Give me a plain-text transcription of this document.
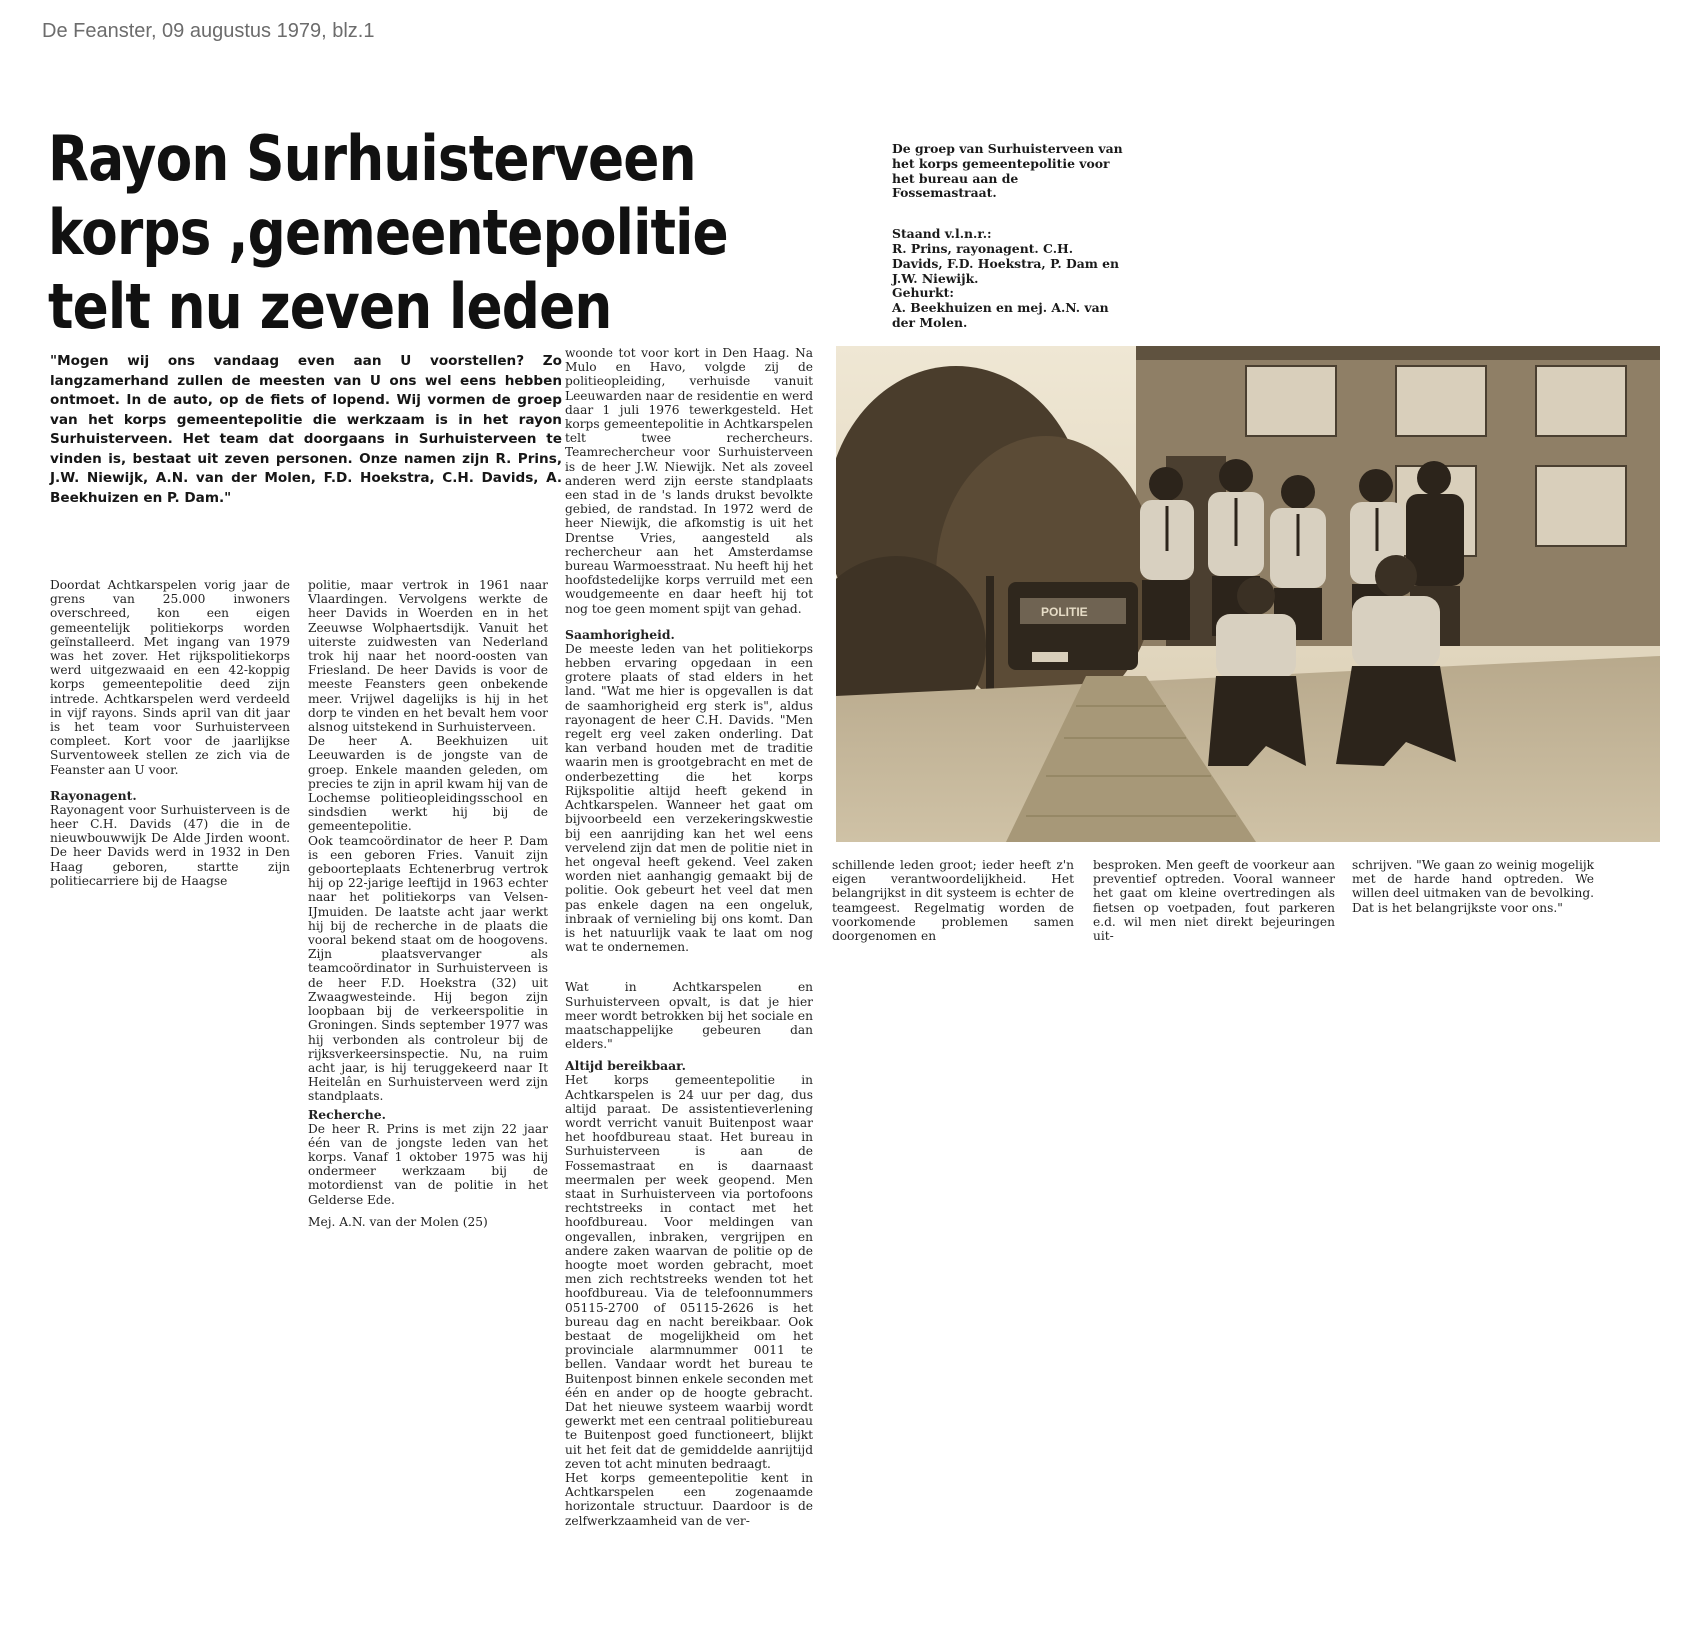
De Feanster, 09 augustus 1979, blz.1
Rayon Surhuisterveen
korps ,gemeentepolitie
telt nu zeven leden
"Mogen wij ons vandaag even aan U voorstellen? Zo langzamerhand zullen de meesten van U ons wel eens hebben ontmoet. In de auto, op de fiets of lopend. Wij vormen de groep van het korps gemeentepolitie die werkzaam is in het rayon Surhuisterveen. Het team dat doorgaans in Surhuisterveen te vinden is, bestaat uit zeven personen. Onze namen zijn R. Prins, J.W. Niewijk, A.N. van der Molen, F.D. Hoekstra, C.H. Davids, A. Beekhuizen en P. Dam."

Doordat Achtkarspelen vorig jaar de grens van 25.000 inwoners overschreed, kon een eigen gemeentelijk politiekorps worden geïnstalleerd. Met ingang van 1979 was het zover. Het rijkspolitiekorps werd uitgezwaaid en een 42-koppig korps gemeentepolitie deed zijn intrede. Achtkarspelen werd verdeeld in vijf rayons. Sinds april van dit jaar is het team voor Surhuisterveen compleet. Kort voor de jaarlijkse Surventoweek stellen ze zich via de Feanster aan U voor.

Rayonagent.

Rayonagent voor Surhuisterveen is de heer C.H. Davids (47) die in de nieuwbouwwijk De Alde Jirden woont. De heer Davids werd in 1932 in Den Haag geboren, startte zijn politiecarriere bij de Haagse

politie, maar vertrok in 1961 naar Vlaardingen. Vervolgens werkte de heer Davids in Woerden en in het Zeeuwse Wolphaertsdijk. Vanuit het uiterste zuidwesten van Nederland trok hij naar het noord-oosten van Friesland. De heer Davids is voor de meeste Feansters geen onbekende meer. Vrijwel dagelijks is hij in het dorp te vinden en het bevalt hem voor alsnog uitstekend in Surhuisterveen.

De heer A. Beekhuizen uit Leeuwarden is de jongste van de groep. Enkele maanden geleden, om precies te zijn in april kwam hij van de Lochemse politieopleidingsschool en sindsdien werkt hij bij de gemeentepolitie.

Ook teamcoördinator de heer P. Dam is een geboren Fries. Vanuit zijn geboorteplaats Echtenerbrug vertrok hij op 22-jarige leeftijd in 1963 echter naar het politiekorps van Velsen-IJmuiden. De laatste acht jaar werkt hij bij de recherche in de plaats die vooral bekend staat om de hoogovens. Zijn plaatsvervanger als teamcoördinator in Surhuisterveen is de heer F.D. Hoekstra (32) uit Zwaagwesteinde. Hij begon zijn loopbaan bij de verkeerspolitie in Groningen. Sinds september 1977 was hij verbonden als controleur bij de rijksverkeersinspectie. Nu, na ruim acht jaar, is hij teruggekeerd naar It Heitelân en Surhuisterveen werd zijn standplaats.

Recherche.

De heer R. Prins is met zijn 22 jaar één van de jongste leden van het korps. Vanaf 1 oktober 1975 was hij ondermeer werkzaam bij de motordienst van de politie in het Gelderse Ede.

Mej. A.N. van der Molen (25)

woonde tot voor kort in Den Haag. Na Mulo en Havo, volgde zij de politieopleiding, verhuisde vanuit Leeuwarden naar de residentie en werd daar 1 juli 1976 tewerkgesteld. Het korps gemeentepolitie in Achtkarspelen telt twee rechercheurs. Teamrechercheur voor Surhuisterveen is de heer J.W. Niewijk. Net als zoveel anderen werd zijn eerste standplaats een stad in de 's lands drukst bevolkte gebied, de randstad. In 1972 werd de heer Niewijk, die afkomstig is uit het Drentse Vries, aangesteld als rechercheur aan het Amsterdamse bureau Warmoesstraat. Nu heeft hij het hoofdstedelijke korps verruild met een woudgemeente en daar heeft hij tot nog toe geen moment spijt van gehad.

Saamhorigheid.

De meeste leden van het politiekorps hebben ervaring opgedaan in een grotere plaats of stad elders in het land. "Wat me hier is opgevallen is dat de saamhorigheid erg sterk is", aldus rayonagent de heer C.H. Davids. "Men regelt erg veel zaken onderling. Dat kan verband houden met de traditie waarin men is grootgebracht en met de onderbezetting die het korps Rijkspolitie altijd heeft gekend in Achtkarspelen. Wanneer het gaat om bijvoorbeeld een verzekeringskwestie bij een aanrijding kan het wel eens vervelend zijn dat men de politie niet in het ongeval heeft gekend. Veel zaken worden niet aanhangig gemaakt bij de politie. Ook gebeurt het veel dat men pas enkele dagen na een ongeluk, inbraak of vernieling bij ons komt. Dan is het natuurlijk vaak te laat om nog wat te ondernemen.

Wat in Achtkarspelen en Surhuisterveen opvalt, is dat je hier meer wordt betrokken bij het sociale en maatschappelijke gebeuren dan elders."

Altijd bereikbaar.

Het korps gemeentepolitie in Achtkarspelen is 24 uur per dag, dus altijd paraat. De assistentieverlening wordt verricht vanuit Buitenpost waar het hoofdbureau staat. Het bureau in Surhuisterveen is aan de Fossemastraat en is daarnaast meermalen per week geopend. Men staat in Surhuisterveen via portofoons rechtstreeks in contact met het hoofdbureau. Voor meldingen van ongevallen, inbraken, vergrijpen en andere zaken waarvan de politie op de hoogte moet worden gebracht, moet men zich rechtstreeks wenden tot het hoofdbureau. Via de telefoonnummers 05115-2700 of 05115-2626 is het bureau dag en nacht bereikbaar. Ook bestaat de mogelijkheid om het provinciale alarmnummer 0011 te bellen. Vandaar wordt het bureau te Buitenpost binnen enkele seconden met één en ander op de hoogte gebracht. Dat het nieuwe systeem waarbij wordt gewerkt met een centraal politiebureau te Buitenpost goed functioneert, blijkt uit het feit dat de gemiddelde aanrijtijd zeven tot acht minuten bedraagt.

Het korps gemeentepolitie kent in Achtkarspelen een zogenaamde horizontale structuur. Daardoor is de zelfwerkzaamheid van de ver-

schillende leden groot; ieder heeft z'n eigen verantwoordelijkheid. Het belangrijkst in dit systeem is echter de teamgeest. Regelmatig worden de voorkomende problemen samen doorgenomen en

besproken. Men geeft de voorkeur aan preventief optreden. Vooral wanneer het gaat om kleine overtredingen als fietsen op voetpaden, fout parkeren e.d. wil men niet direkt bejeuringen uit-

schrijven. "We gaan zo weinig mogelijk met de harde hand optreden. We willen deel uitmaken van de bevolking. Dat is het belangrijkste voor ons."

De groep van Surhuisterveen van het korps gemeentepolitie voor het bureau aan de Fossemastraat.

Staand v.l.n.r.:

R. Prins, rayonagent. C.H. Davids, F.D. Hoekstra, P. Dam en J.W. Niewijk.

Gehurkt:

A. Beekhuizen en mej. A.N. van der Molen.

POLITIE
